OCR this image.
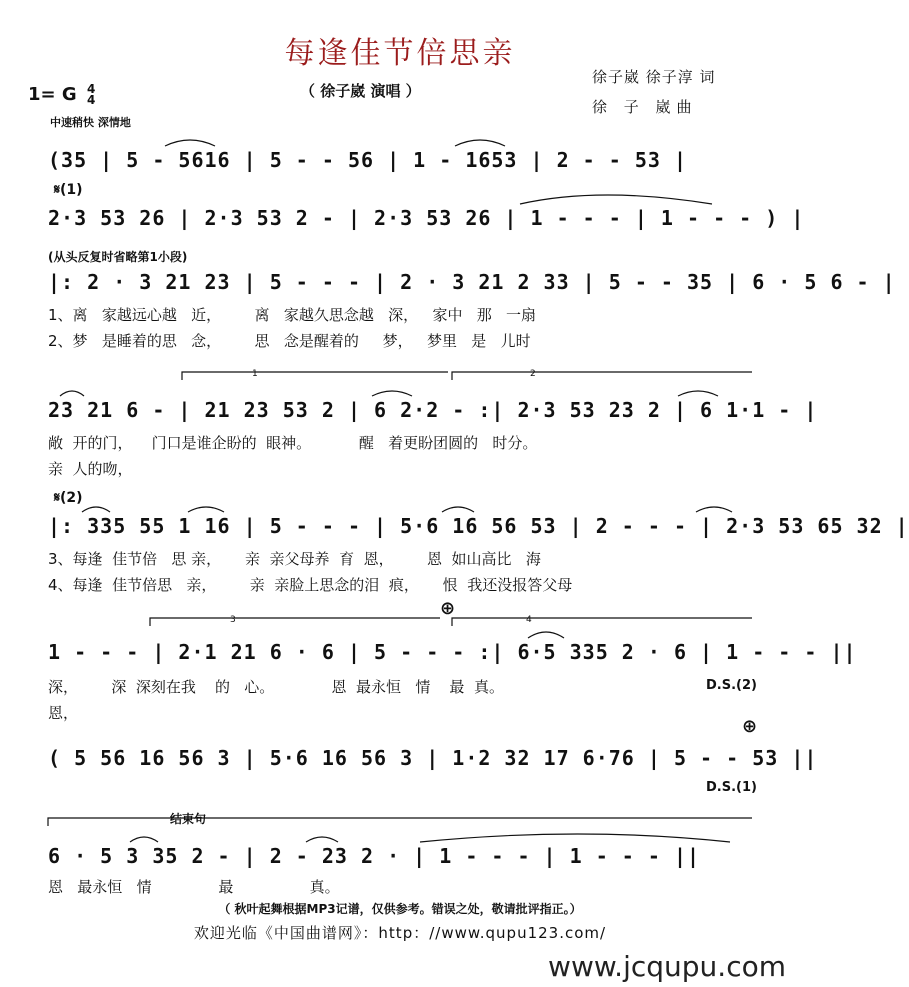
每逢佳节倍思亲
（ 徐子崴 演唱 ）
徐子崴 徐子淳 词
徐 子 崴曲
1= G 4
4
中速稍快 深情地
(35 | 5 - 5616 | 5 - - 56 | 1 - 1653 | 2 - - 53 |
𝄋(1)
2·3 53 26 | 2·3 53 2 - | 2·3 53 26 | 1 - - - | 1 - - - ) |
(从头反复时省略第1小段)
|: 2 · 3 21 23 | 5 - - - | 2 · 3 21 2 33 | 5 - - 35 | 6 · 5 6 - |
1、离   家越远心越   近，       离   家越久思念越   深，   家中   那   一扇
2、梦   是睡着的思   念，       思   念是醒着的     梦，   梦里   是   儿时
23 21 6 - | 21 23 53 2 | 6 2·2 - :| 2·3 53 23 2 | 6 1·1 - |
敞  开的门，    门口是谁企盼的  眼神。          醒   着更盼团圆的   时分。
亲  人的吻，
𝄋(2)
|: 335 55 1 16 | 5 - - - | 5·6 16 56 53 | 2 - - - | 2·3 53 65 32 |
3、每逢  佳节倍   思 亲，     亲  亲父母养  育  恩，       恩  如山高比   海
4、每逢  佳节倍思   亲，       亲  亲脸上思念的泪  痕，     恨  我还没报答父母
⊕
1 - - - | 2·1 21 6 · 6 | 5 - - - :| 6·5 335 2 · 6 | 1 - - - ||
深，       深  深刻在我    的   心。            恩  最永恒   情    最  真。	D.S.(2)
恩，
⊕
( 5 56 16 56 3 | 5·6 16 56 3 | 1·2 32 17 6·76 | 5 - - 53 ||
D.S.(1)
结束句
6 · 5 3 35 2 - | 2 - 23 2 · | 1 - - - | 1 - - - ||
恩   最永恒   情              最                真。
（ 秋叶起舞根据MP3记谱，仅供参考。错误之处，敬请批评指正。）
欢迎光临《中国曲谱网》：http：//www.qupu123.com/
www.jcqupu.com
1	2
3	4
